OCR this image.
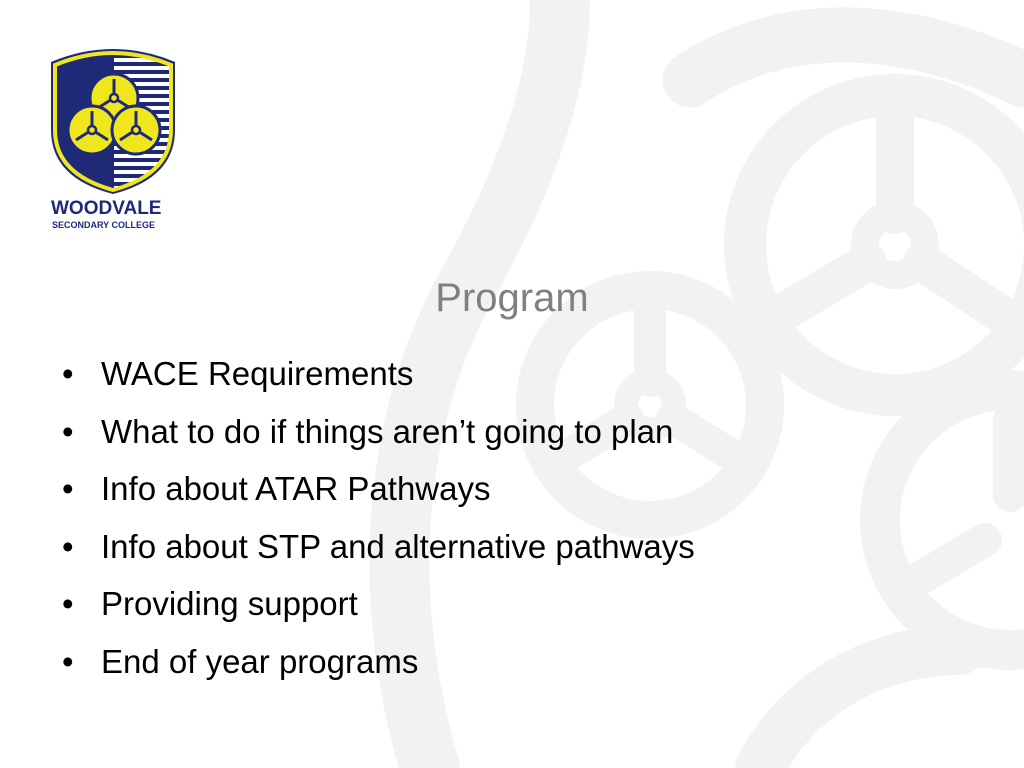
WOODVALE
SECONDARY COLLEGE
Program
• WACE Requirements
• What to do if things aren’t going to plan
• Info about ATAR Pathways
• Info about STP and alternative pathways
• Providing support
• End of year programs
